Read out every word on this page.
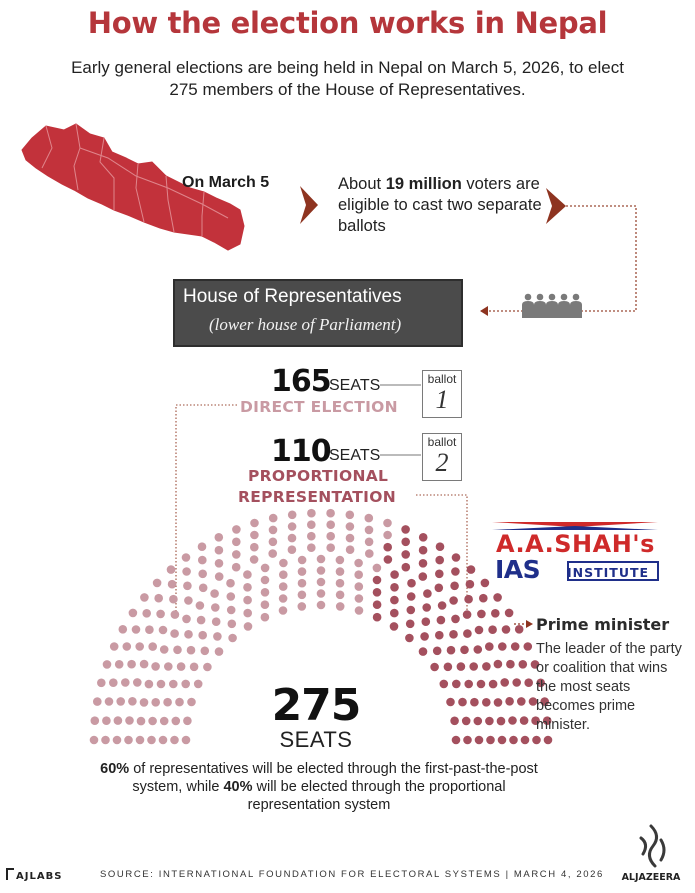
How the election works in Nepal
Early general elections are being held in Nepal on March 5, 2026, to elect
275 members of the House of Representatives.
On March 5	About 19 million voters are eligible to cast two separate ballots
House of Representatives
(lower house of Parliament)
165
SEATS
DIRECT ELECTION
ballot
1
110
SEATS
PROPORTIONAL
REPRESENTATION
ballot
2
A.A.SHAH's
IAS INSTITUTE
275
SEATS
Prime minister
The leader of the party or coalition that wins the most seats becomes prime minister.
60% of representatives will be elected through the first-past-the-post system, while 40% will be elected through the proportional representation system
AJLABS	SOURCE: INTERNATIONAL FOUNDATION FOR ELECTORAL SYSTEMS | MARCH 4, 2026	ALJAZEERA
